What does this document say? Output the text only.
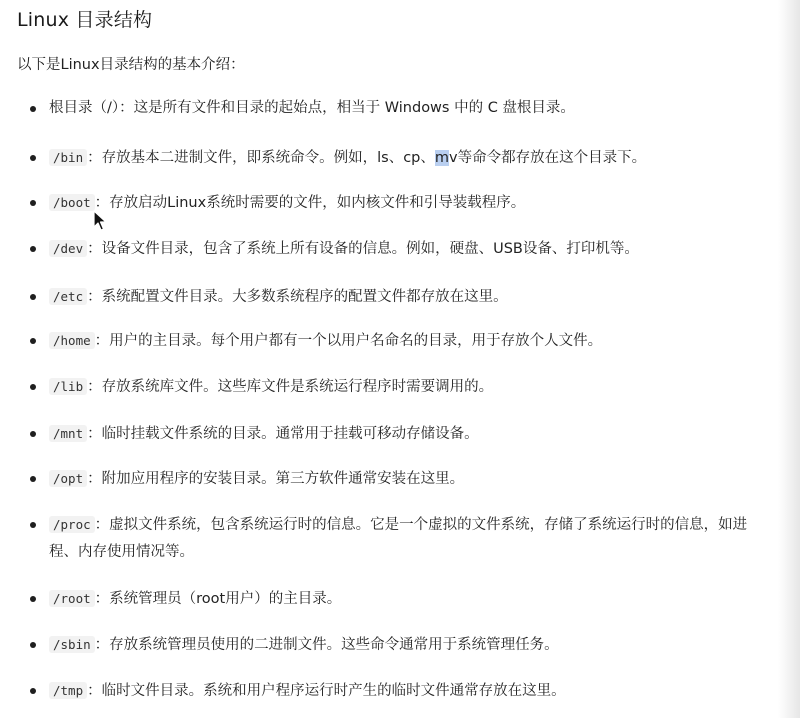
Linux 目录结构
以下是Linux目录结构的基本介绍：
根目录（/）：这是所有文件和目录的起始点，相当于 Windows 中的 C 盘根目录。
/bin ：存放基本二进制文件，即系统命令。例如，ls、cp、mv等命令都存放在这个目录下。
/boot ：存放启动Linux系统时需要的文件，如内核文件和引导装载程序。
/dev ：设备文件目录，包含了系统上所有设备的信息。例如，硬盘、USB设备、打印机等。
/etc ：系统配置文件目录。大多数系统程序的配置文件都存放在这里。
/home ：用户的主目录。每个用户都有一个以用户名命名的目录，用于存放个人文件。
/lib ：存放系统库文件。这些库文件是系统运行程序时需要调用的。
/mnt ：临时挂载文件系统的目录。通常用于挂载可移动存储设备。
/opt ：附加应用程序的安装目录。第三方软件通常安装在这里。
/proc ：虚拟文件系统，包含系统运行时的信息。它是一个虚拟的文件系统，存储了系统运行时的信息，如进程、内存使用情况等。
/root ：系统管理员（root用户）的主目录。
/sbin ：存放系统管理员使用的二进制文件。这些命令通常用于系统管理任务。
/tmp ：临时文件目录。系统和用户程序运行时产生的临时文件通常存放在这里。
